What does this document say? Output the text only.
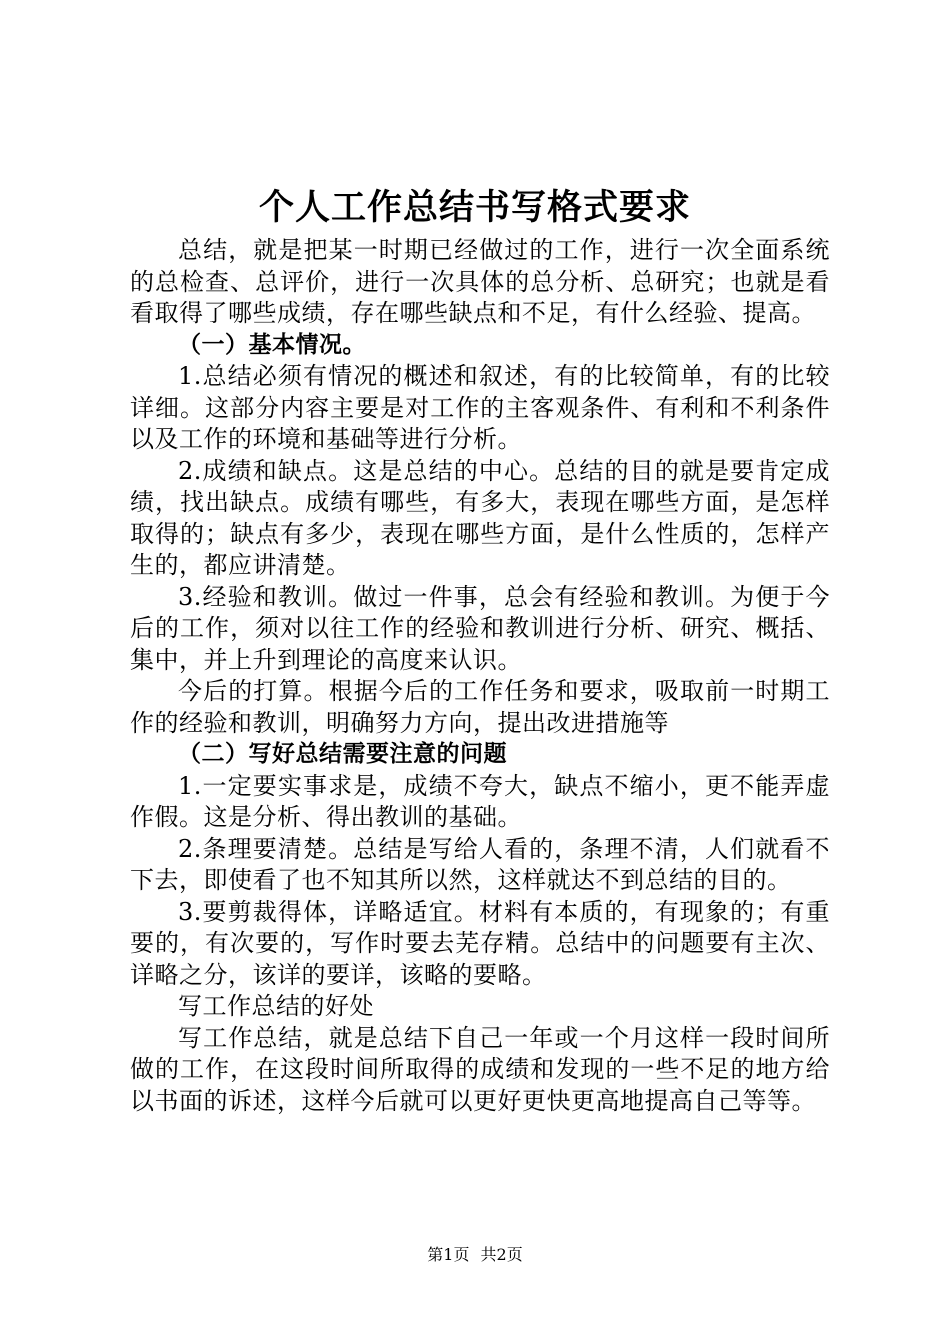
个人工作总结书写格式要求

总结，就是把某一时期已经做过的工作，进行一次全面系统的总检查、总评价，进行一次具体的总分析、总研究；也就是看看取得了哪些成绩，存在哪些缺点和不足，有什么经验、提高。

（一）基本情况。

1.总结必须有情况的概述和叙述，有的比较简单，有的比较详细。这部分内容主要是对工作的主客观条件、有利和不利条件以及工作的环境和基础等进行分析。

2.成绩和缺点。这是总结的中心。总结的目的就是要肯定成绩，找出缺点。成绩有哪些，有多大，表现在哪些方面，是怎样取得的；缺点有多少，表现在哪些方面，是什么性质的，怎样产生的，都应讲清楚。

3.经验和教训。做过一件事，总会有经验和教训。为便于今后的工作，须对以往工作的经验和教训进行分析、研究、概括、集中，并上升到理论的高度来认识。

今后的打算。根据今后的工作任务和要求，吸取前一时期工作的经验和教训，明确努力方向，提出改进措施等

（二）写好总结需要注意的问题

1.一定要实事求是，成绩不夸大，缺点不缩小，更不能弄虚作假。这是分析、得出教训的基础。

2.条理要清楚。总结是写给人看的，条理不清，人们就看不下去，即使看了也不知其所以然，这样就达不到总结的目的。

3.要剪裁得体，详略适宜。材料有本质的，有现象的；有重要的，有次要的，写作时要去芜存精。总结中的问题要有主次、详略之分，该详的要详，该略的要略。

写工作总结的好处

写工作总结，就是总结下自己一年或一个月这样一段时间所做的工作，在这段时间所取得的成绩和发现的一些不足的地方给以书面的诉述，这样今后就可以更好更快更高地提高自己等等。

第1页 共2页
